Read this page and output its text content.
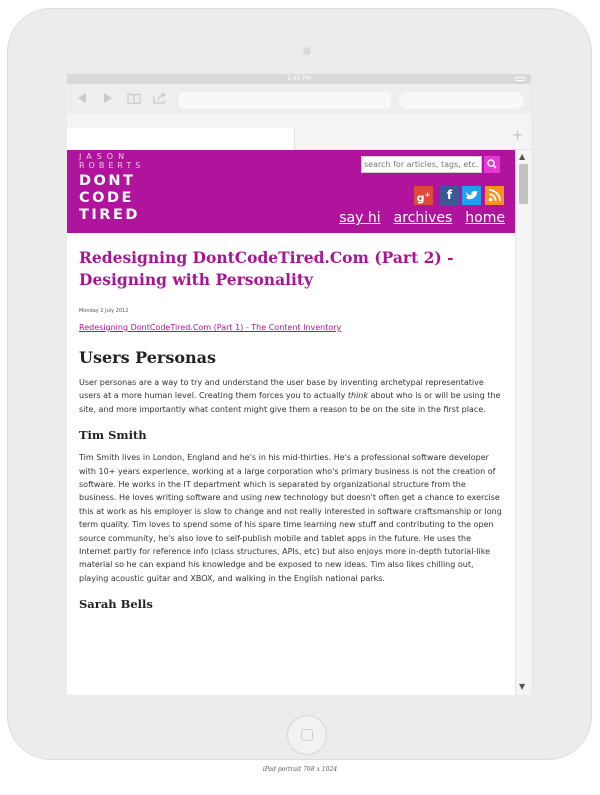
1:45 PM
+
JASON
ROBERTS
DONT
CODE
TIRED
search for articles, tags, etc.
g+	f
say hi archives home
Redesigning DontCodeTired.Com (Part 2) - Designing with Personality
Monday 2 July 2012
Redesigning DontCodeTired.Com (Part 1) - The Content Inventory
Users Personas

User personas are a way to try and understand the user base by inventing archetypal representative users at a more human level. Creating them forces you to actually think about who is or will be using the site, and more importantly what content might give them a reason to be on the site in the first place.

Tim Smith

Tim Smith lives in London, England and he's in his mid-thirties. He's a professional software developer with 10+ years experience, working at a large corporation who's primary business is not the creation of software. He works in the IT department which is separated by organizational structure from the business. He loves writing software and using new technology but doesn't often get a chance to exercise this at work as his employer is slow to change and not really interested in software craftsmanship or long term quality. Tim loves to spend some of his spare time learning new stuff and contributing to the open source community, he's also love to self-publish mobile and tablet apps in the future. He uses the Internet partly for reference info (class structures, APIs, etc) but also enjoys more in-depth tutorial-like material so he can expand his knowledge and be exposed to new ideas. Tim also likes chilling out, playing acoustic guitar and XBOX, and walking in the English national parks.

Sarah Bells
▲
▼
iPad portrait 768 x 1024
